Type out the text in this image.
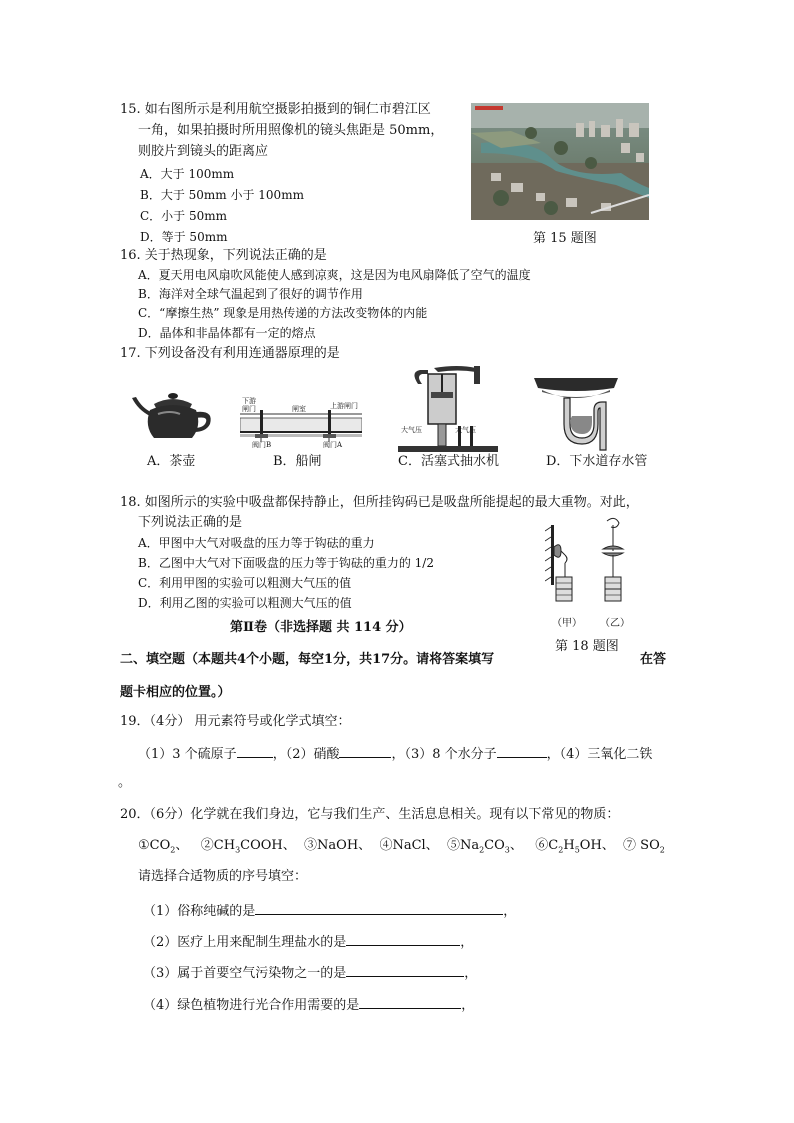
15. 如右图所示是利用航空摄影拍摄到的铜仁市碧江区
一角，如果拍摄时所用照像机的镜头焦距是 50mm，
则胶片到镜头的距离应
A．大于 100mm
B．大于 50mm 小于 100mm
C．小于 50mm
D．等于 50mm	第 15 题图
16. 关于热现象，下列说法正确的是
A．夏天用电风扇吹风能使人感到凉爽，这是因为电风扇降低了空气的温度
B．海洋对全球气温起到了很好的调节作用
C．“摩擦生热” 现象是用热传递的方法改变物体的内能
D．晶体和非晶体都有一定的熔点
17. 下列设备没有利用连通器原理的是
A．茶壶
下游
闸门	闸室	上游闸门
阀门B	阀门A
B．船闸
大气压	大气压
C．活塞式抽水机	D．下水道存水管
18. 如图所示的实验中吸盘都保持静止，但所挂钩码已是吸盘所能提起的最大重物。对此，
下列说法正确的是
A．甲图中大气对吸盘的压力等于钩砝的重力
B．乙图中大气对下面吸盘的压力等于钩砝的重力的 1/2
C．利用甲图的实验可以粗测大气压的值
D．利用乙图的实验可以粗测大气压的值
（甲） （乙）
第 18 题图
第Ⅱ卷（非选择题 共 114 分）
二、填空题（本题共4个小题，每空1分，共17分。请将答案填写	在答
题卡相应的位置。）
19．（4分） 用元素符号或化学式填空：
（1）3 个硫原子	，（2）硝酸	，（3）8 个水分子	，（4）三氧化二铁
。
20．（6分）化学就在我们身边，它与我们生产、生活息息相关。现有以下常见的物质：
$①CO_2$、 $②CH_3COOH$、 ③NaOH、 ④NaCl、 $⑤Na_2CO_3$、 $⑥C_2H_5OH$、 ⑦ $SO_2$
请选择合适物质的序号填空：
（1）俗称纯碱的是	，
（2）医疗上用来配制生理盐水的是	，
（3）属于首要空气污染物之一的是	，
（4）绿色植物进行光合作用需要的是	，
